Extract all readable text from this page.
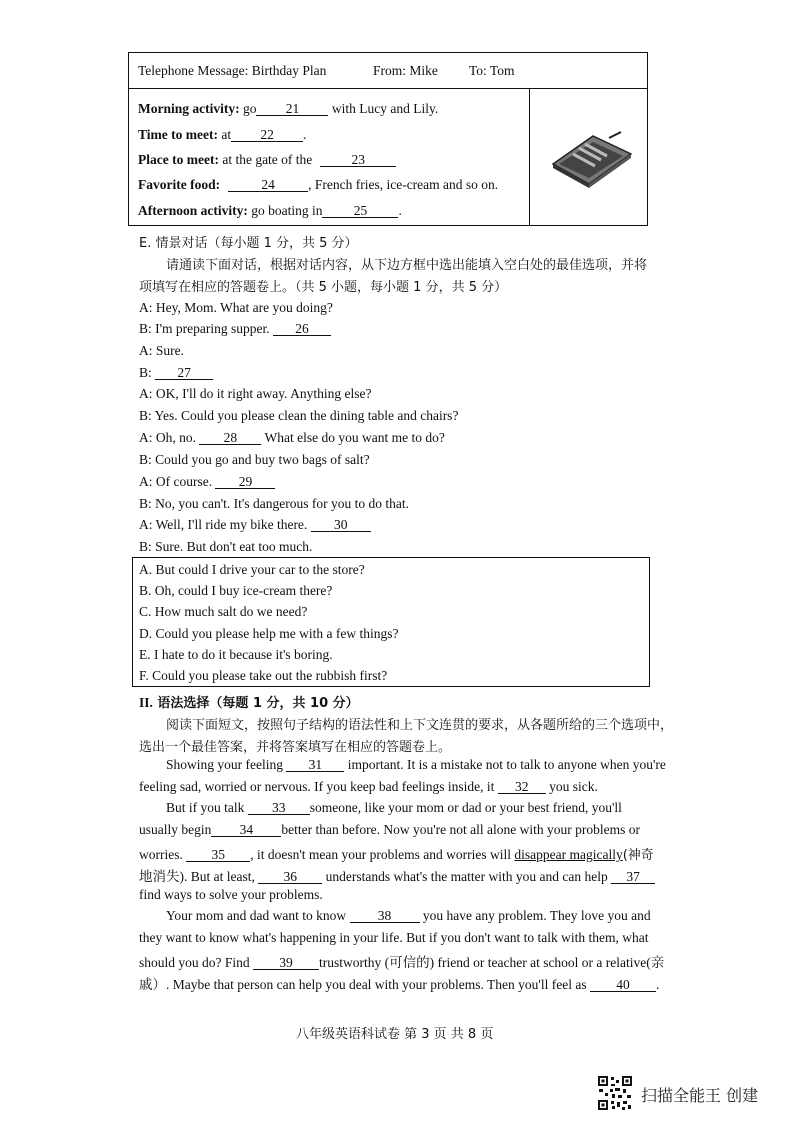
Telephone Message: Birthday Plan	From: Mike To: Tom
Morning activity: go 21 with Lucy and Lily.
Time to meet: at 22 .
Place to meet: at the gate of the	23
Favorite food:	24 , French fries, ice-cream and so on.
Afternoon activity: go boating in 25 .
E. 情景对话（每小题 1 分，共 5 分）
请通读下面对话，根据对话内容，从下边方框中选出能填入空白处的最佳选项，并将
项填写在相应的答题卷上。（共 5 小题，每小题 1 分，共 5 分）
A: Hey, Mom. What are you doing?
B: I'm preparing supper. 26
A: Sure.
B: 27
A: OK, I'll do it right away. Anything else?
B: Yes. Could you please clean the dining table and chairs?
A: Oh, no. 28 What else do you want me to do?
B: Could you go and buy two bags of salt?
A: Of course. 29
B: No, you can't. It's dangerous for you to do that.
A: Well, I'll ride my bike there. 30
B: Sure. But don't eat too much.
A. But could I drive your car to the store?
B. Oh, could I buy ice-cream there?
C. How much salt do we need?
D. Could you please help me with a few things?
E. I hate to do it because it's boring.
F. Could you please take out the rubbish first?
II. 语法选择（每题 1 分，共 10 分）
阅读下面短文，按照句子结构的语法性和上下文连贯的要求，从各题所给的三个选项中，
选出一个最佳答案，并将答案填写在相应的答题卷上。
Showing your feeling 31 important. It is a mistake not to talk to anyone when you're
feeling sad, worried or nervous. If you keep bad feelings inside, it 32 you sick.
But if you talk 33 someone, like your mom or dad or your best friend, you'll
usually begin 34 better than before. Now you're not all alone with your problems or
worries. 35 , it doesn't mean your problems and worries will disappear magically(神奇
地消失). But at least, 36 understands what's the matter with you and can help 37
find ways to solve your problems.
Your mom and dad want to know 38 you have any problem. They love you and
they want to know what's happening in your life. But if you don't want to talk with them, what
should you do? Find 39 trustworthy (可信的) friend or teacher at school or a relative(亲
戚）. Maybe that person can help you deal with your problems. Then you'll feel as 40 .
八年级英语科试卷 第 3 页 共 8 页
扫描全能王 创建
